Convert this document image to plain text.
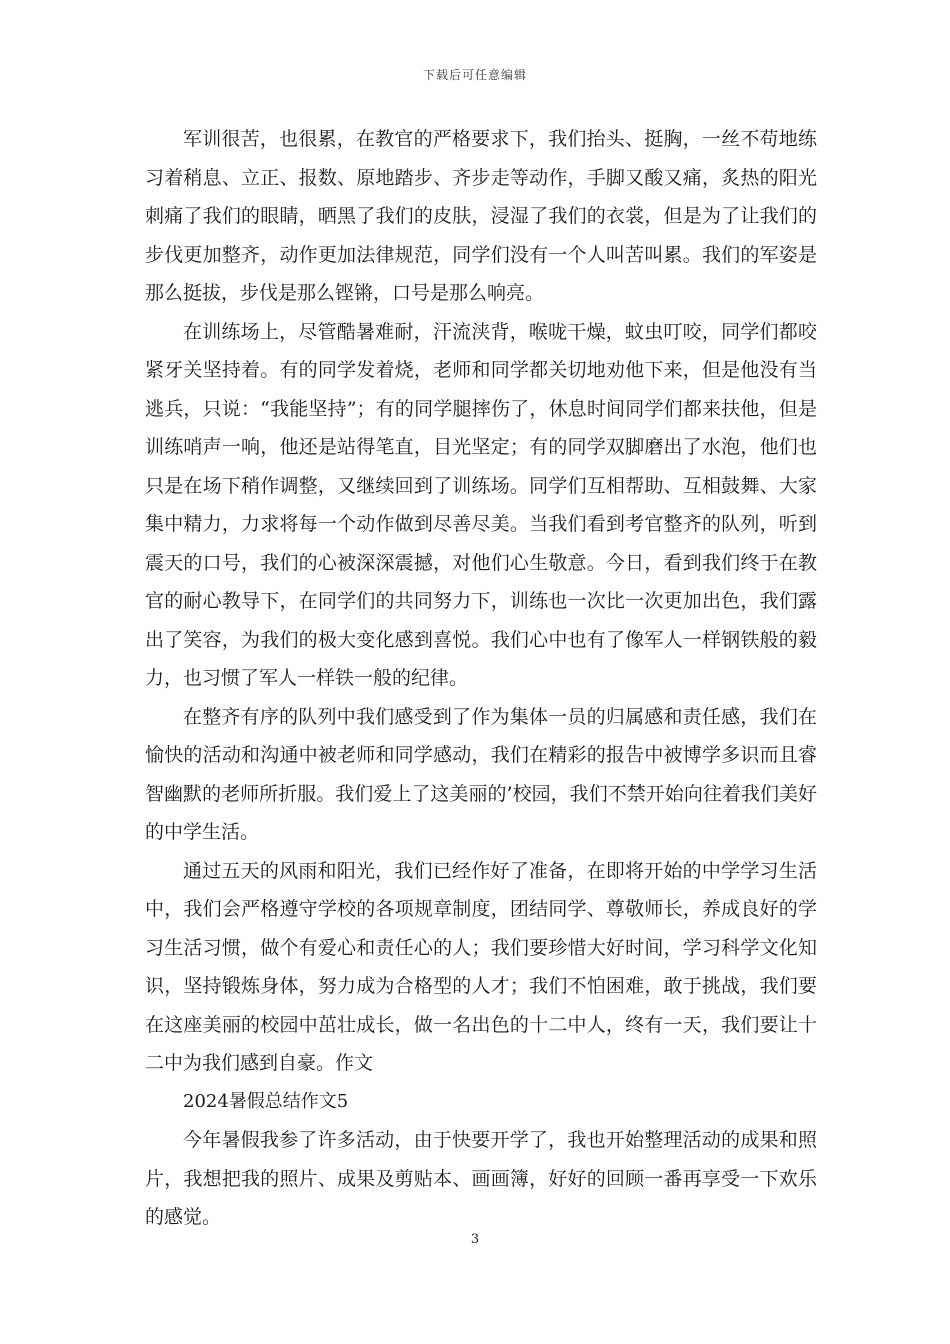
下载后可任意编辑

军训很苦，也很累，在教官的严格要求下，我们抬头、挺胸，一丝不苟地练习着稍息、立正、报数、原地踏步、齐步走等动作，手脚又酸又痛，炙热的阳光刺痛了我们的眼睛，晒黑了我们的皮肤，浸湿了我们的衣裳，但是为了让我们的步伐更加整齐，动作更加法律规范，同学们没有一个人叫苦叫累。我们的军姿是那么挺拔，步伐是那么铿锵，口号是那么响亮。

在训练场上，尽管酷暑难耐，汗流浃背，喉咙干燥，蚊虫叮咬，同学们都咬紧牙关坚持着。有的同学发着烧，老师和同学都关切地劝他下来，但是他没有当逃兵，只说：“我能坚持”；有的同学腿摔伤了，休息时间同学们都来扶他，但是训练哨声一响，他还是站得笔直，目光坚定；有的同学双脚磨出了水泡，他们也只是在场下稍作调整，又继续回到了训练场。同学们互相帮助、互相鼓舞、大家集中精力，力求将每一个动作做到尽善尽美。当我们看到考官整齐的队列，听到震天的口号，我们的心被深深震撼，对他们心生敬意。今日，看到我们终于在教官的耐心教导下，在同学们的共同努力下，训练也一次比一次更加出色，我们露出了笑容，为我们的极大变化感到喜悦。我们心中也有了像军人一样钢铁般的毅力，也习惯了军人一样铁一般的纪律。

在整齐有序的队列中我们感受到了作为集体一员的归属感和责任感，我们在愉快的活动和沟通中被老师和同学感动，我们在精彩的报告中被博学多识而且睿智幽默的老师所折服。我们爱上了这美丽的’校园，我们不禁开始向往着我们美好的中学生活。

通过五天的风雨和阳光，我们已经作好了准备，在即将开始的中学学习生活中，我们会严格遵守学校的各项规章制度，团结同学、尊敬师长，养成良好的学习生活习惯，做个有爱心和责任心的人；我们要珍惜大好时间，学习科学文化知识，坚持锻炼身体，努力成为合格型的人才；我们不怕困难，敢于挑战，我们要在这座美丽的校园中茁壮成长，做一名出色的十二中人，终有一天，我们要让十二中为我们感到自豪。作文

2024暑假总结作文5

今年暑假我参了许多活动，由于快要开学了，我也开始整理活动的成果和照片，我想把我的照片、成果及剪贴本、画画簿，好好的回顾一番再享受一下欢乐的感觉。

3
